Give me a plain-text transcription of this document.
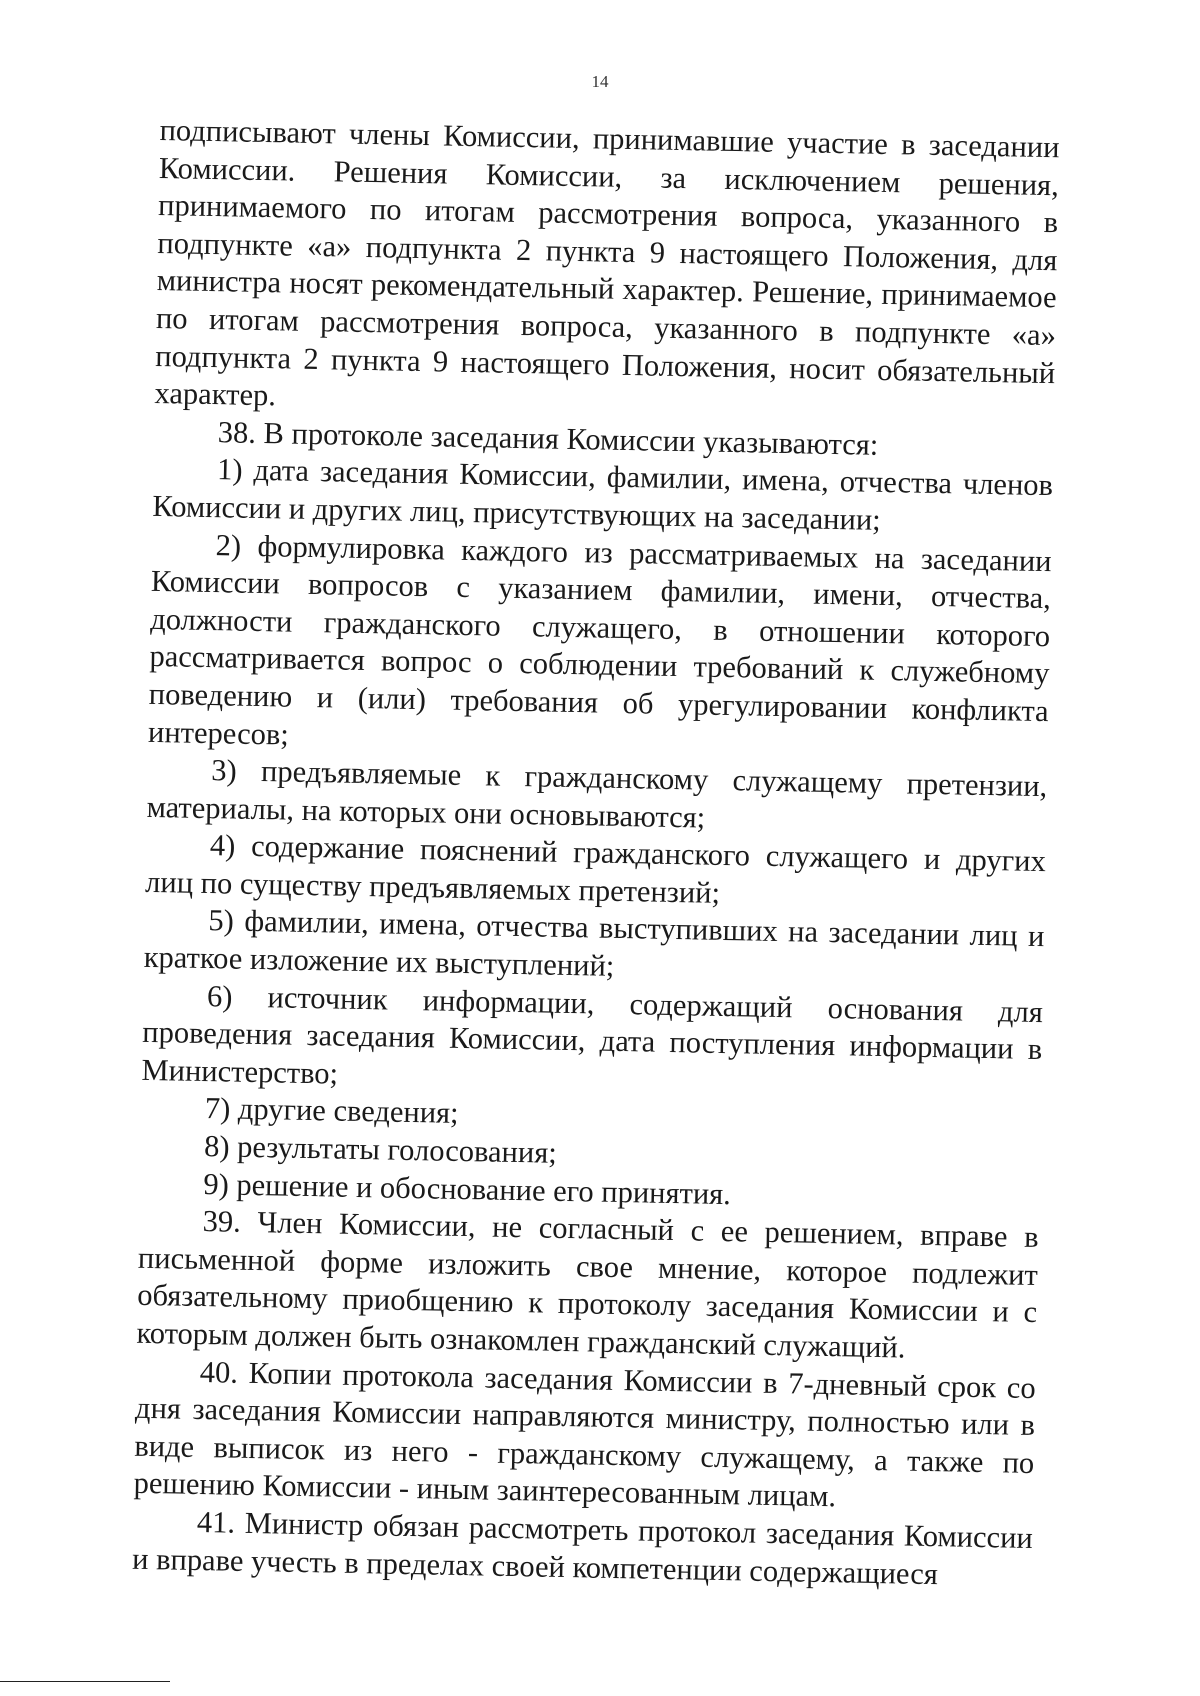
14

подписывают члены Комиссии, принимавшие участие в заседании Комиссии. Решения Комиссии, за исключением решения, принимаемого по итогам рассмотрения вопроса, указанного в подпункте «а» подпункта 2 пункта 9 настоящего Положения, для министра носят рекомендательный характер. Решение, принимаемое по итогам рассмотрения вопроса, указанного в подпункте «а» подпункта 2 пункта 9 настоящего Положения, носит обязательный характер.

38. В протоколе заседания Комиссии указываются:

1) дата заседания Комиссии, фамилии, имена, отчества членов Комиссии и других лиц, присутствующих на заседании;

2) формулировка каждого из рассматриваемых на заседании Комиссии вопросов с указанием фамилии, имени, отчества, должности гражданского служащего, в отношении которого рассматривается вопрос о соблюдении требований к служебному поведению и (или) требования об урегулировании конфликта интересов;

3) предъявляемые к гражданскому служащему претензии, материалы, на которых они основываются;

4) содержание пояснений гражданского служащего и других лиц по существу предъявляемых претензий;

5) фамилии, имена, отчества выступивших на заседании лиц и краткое изложение их выступлений;

6) источник информации, содержащий основания для проведения заседания Комиссии, дата поступления информации в Министерство;

7) другие сведения;

8) результаты голосования;

9) решение и обоснование его принятия.

39. Член Комиссии, не согласный с ее решением, вправе в письменной форме изложить свое мнение, которое подлежит обязательному приобщению к протоколу заседания Комиссии и с которым должен быть ознакомлен гражданский служащий.

40. Копии протокола заседания Комиссии в 7-дневный срок со дня заседания Комиссии направляются министру, полностью или в виде выписок из него - гражданскому служащему, а также по решению Комиссии - иным заинтересованным лицам.

41. Министр обязан рассмотреть протокол заседания Комиссии и вправе учесть в пределах своей компетенции содержащиеся
